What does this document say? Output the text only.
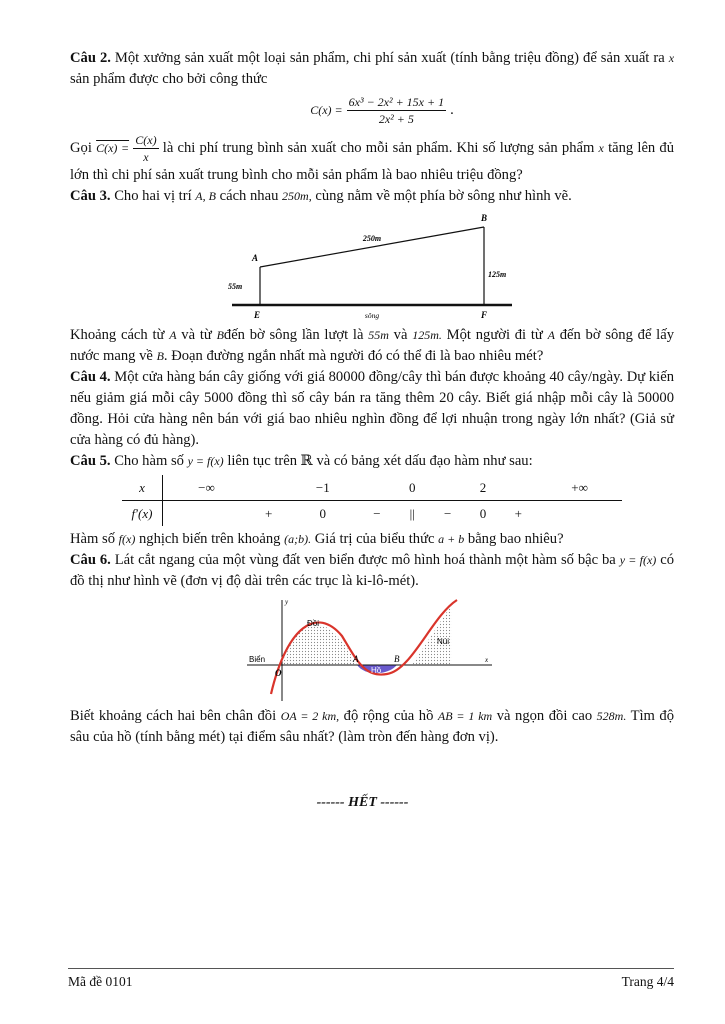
Câu 2. Một xưởng sản xuất một loại sản phẩm, chi phí sản xuất (tính bằng triệu đồng) để sản xuất ra x sản phẩm được cho bởi công thức

$C(x) = \frac{\text{6x³ − 2x² + 15x + 1}}{\text{2x² + 5}}$ .

Gọi $C(x) = \frac{C(x)}{x}$ là chi phí trung bình sản xuất cho mỗi sản phẩm. Khi số lượng sản phẩm x tăng lên đủ lớn thì chi phí sản xuất trung bình cho mỗi sản phẩm là bao nhiêu triệu đồng?

Câu 3. Cho hai vị trí A, B cách nhau 250m, cùng nằm về một phía bờ sông như hình vẽ.

B
A
E	F
250m
55m
125m
sông

Khoảng cách từ A và từ Bđến bờ sông lần lượt là 55m và 125m. Một người đi từ A đến bờ sông để lấy nước mang về B. Đoạn đường ngắn nhất mà người đó có thể đi là bao nhiêu mét?

Câu 4. Một cửa hàng bán cây giống với giá 80000 đồng/cây thì bán được khoảng 40 cây/ngày. Dự kiến nếu giảm giá mỗi cây 5000 đồng thì số cây bán ra tăng thêm 20 cây. Biết giá nhập mỗi cây là 50000 đồng. Hỏi cửa hàng nên bán với giá bao nhiêu nghìn đồng để lợi nhuận trong ngày lớn nhất? (Giả sử cửa hàng có đủ hàng).

Câu 5. Cho hàm số y = f(x) liên tục trên ℝ và có bảng xét dấu đạo hàm như sau:

x	−∞		−1		0		2		+∞
f′(x)		+	0	−	||	−	0	+	

Hàm số f(x) nghịch biến trên khoảng (a;b). Giá trị của biểu thức a + b bằng bao nhiêu?

Câu 6. Lát cắt ngang của một vùng đất ven biển được mô hình hoá thành một hàm số bậc ba y = f(x) có đồ thị như hình vẽ (đơn vị độ dài trên các trục là ki-lô-mét).

Đồi
Núi
Biển
Hồ
O
A	B	x
y

Biết khoảng cách hai bên chân đồi OA = 2 km, độ rộng của hồ AB = 1 km và ngọn đồi cao 528m. Tìm độ sâu của hồ (tính bằng mét) tại điểm sâu nhất? (làm tròn đến hàng đơn vị).

------ HẾT ------
Mã đề 0101	Trang 4/4
